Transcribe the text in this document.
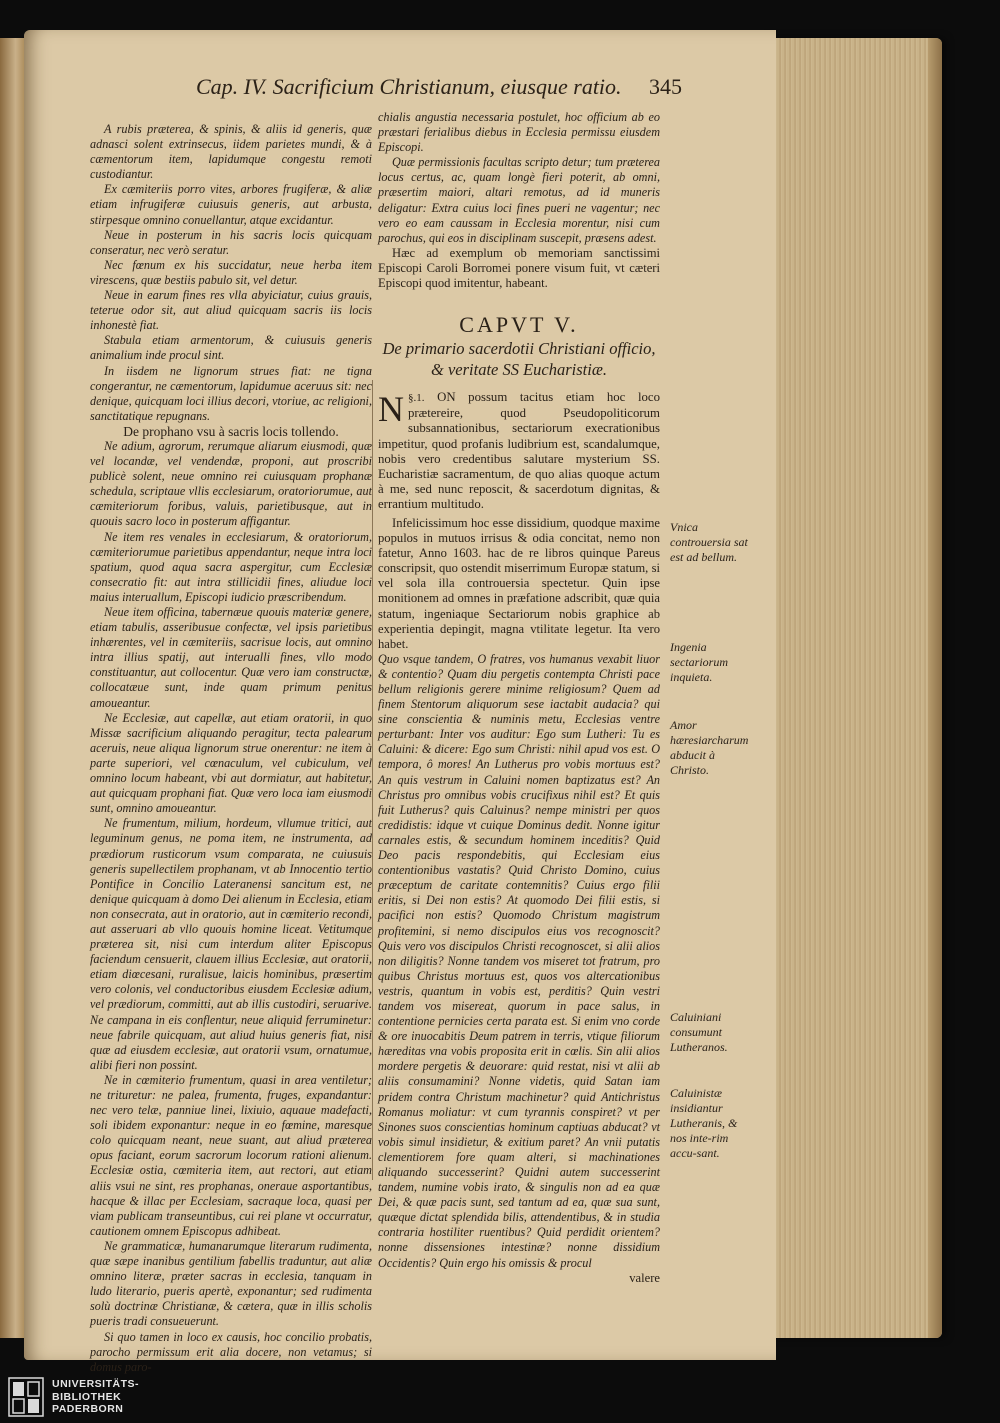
Cap. IV. Sacrificium Christianum, eiusque ratio. 345

A rubis præterea, & spinis, & aliis id generis, quæ adnasci solent extrinsecus, iidem parietes mundi, & à cæmentorum item, lapidumque congestu remoti custodiantur.

Ex cæmiteriis porro vites, arbores frugiferæ, & aliæ etiam infrugiferæ cuiusuis generis, aut arbusta, stirpesque omnino conuellantur, atque excidantur.

Neue in posterum in his sacris locis quicquam conseratur, nec verò seratur.

Nec fœnum ex his succidatur, neue herba item virescens, quæ bestiis pabulo sit, vel detur.

Neue in earum fines res vlla abyiciatur, cuius grauis, teterue odor sit, aut aliud quicquam sacris iis locis inhonestè fiat.

Stabula etiam armentorum, & cuiusuis generis animalium inde procul sint.

In iisdem ne lignorum strues fiat: ne tigna congerantur, ne cæmentorum, lapidumue aceruus sit: nec denique, quicquam loci illius decori, vtoriue, ac religioni, sanctitatique repugnans.

De prophano vsu à sacris locis tollendo.

Ne adium, agrorum, rerumque aliarum eiusmodi, quæ vel locandæ, vel vendendæ, proponi, aut proscribi publicè solent, neue omnino rei cuiusquam prophanæ schedula, scriptaue vllis ecclesiarum, oratoriorumue, aut cæmiteriorum foribus, valuis, parietibusque, aut in quouis sacro loco in posterum affigantur.

Ne item res venales in ecclesiarum, & oratoriorum, cæmiteriorumue parietibus appendantur, neque intra loci spatium, quod aqua sacra aspergitur, cum Ecclesiæ consecratio fit: aut intra stillicidii fines, aliudue loci maius interuallum, Episcopi iudicio præscribendum.

Neue item officina, tabernæue quouis materiæ genere, etiam tabulis, asseribusue confectæ, vel ipsis parietibus inhærentes, vel in cæmiteriis, sacrisue locis, aut omnino intra illius spatij, aut interualli fines, vllo modo constituantur, aut collocentur. Quæ vero iam constructæ, collocatæue sunt, inde quam primum penitus amoueantur.

Ne Ecclesiæ, aut capellæ, aut etiam oratorii, in quo Missæ sacrificium aliquando peragitur, tecta palearum aceruis, neue aliqua lignorum strue onerentur: ne item à parte superiori, vel cœnaculum, vel cubiculum, vel omnino locum habeant, vbi aut dormiatur, aut habitetur, aut quicquam prophani fiat. Quæ vero loca iam eiusmodi sunt, omnino amoueantur.

Ne frumentum, milium, hordeum, vllumue tritici, aut leguminum genus, ne poma item, ne instrumenta, ad prædiorum rusticorum vsum comparata, ne cuiusuis generis supellectilem prophanam, vt ab Innocentio tertio Pontifice in Concilio Lateranensi sancitum est, ne denique quicquam à domo Dei alienum in Ecclesia, etiam non consecrata, aut in oratorio, aut in cœmiterio recondi, aut asseruari ab vllo quouis homine liceat. Vetitumque præterea sit, nisi cum interdum aliter Episcopus faciendum censuerit, clauem illius Ecclesiæ, aut oratorii, etiam diœcesani, ruralisue, laicis hominibus, præsertim vero colonis, vel conductoribus eiusdem Ecclesiæ adium, vel prædiorum, committi, aut ab illis custodiri, seruarive. Ne campana in eis conflentur, neue aliquid ferruminetur: neue fabrile quicquam, aut aliud huius generis fiat, nisi quæ ad eiusdem ecclesiæ, aut oratorii vsum, ornatumue, alibi fieri non possint.

Ne in cœmiterio frumentum, quasi in area ventiletur; ne trituretur: ne palea, frumenta, fruges, expandantur: nec vero telæ, panniue linei, lixiuio, aquaue madefacti, soli ibidem exponantur: neque in eo fœmine, maresque colo quicquam neant, neue suant, aut aliud præterea opus faciant, eorum sacrorum locorum rationi alienum. Ecclesiæ ostia, cœmiteria item, aut rectori, aut etiam aliis vsui ne sint, res prophanas, oneraue asportantibus, hacque & illac per Ecclesiam, sacraque loca, quasi per viam publicam transeuntibus, cui rei plane vt occurratur, cautionem omnem Episcopus adhibeat.

Ne grammaticæ, humanarumque literarum rudimenta, quæ sæpe inanibus gentilium fabellis traduntur, aut aliæ omnino literæ, præter sacras in ecclesia, tanquam in ludo literario, pueris apertè, exponantur; sed rudimenta solù doctrinæ Christianæ, & cætera, quæ in illis scholis pueris tradi consueuerunt.

Si quo tamen in loco ex causis, hoc concilio probatis, parocho permissum erit alia docere, non vetamus; si domus paro-

chialis angustia necessaria postulet, hoc officium ab eo præstari ferialibus diebus in Ecclesia permissu eiusdem Episcopi.

Quæ permissionis facultas scripto detur; tum præterea locus certus, ac, quam longè fieri poterit, ab omni, præsertim maiori, altari remotus, ad id muneris deligatur: Extra cuius loci fines pueri ne vagentur; nec vero eo eam caussam in Ecclesia morentur, nisi cum parochus, qui eos in disciplinam suscepit, præsens adest.

Hæc ad exemplum ob memoriam sanctissimi Episcopi Caroli Borromei ponere visum fuit, vt cæteri Episcopi quod imitentur, habeant.

CAPVT V.
De primario sacerdotii Christiani officio, & veritate SS Eucharistiæ.
§.1.
N	ON possum tacitus etiam hoc loco prætereire, quod Pseudopoliticorum subsannationibus, sectariorum execrationibus impetitur, quod profanis ludibrium est, scandalumque, nobis vero credentibus salutare mysterium SS. Eucharistiæ sacramentum, de quo alias quoque actum à me, sed nunc reposcit, & sacerdotum dignitas, & errantium multitudo.

Infelicissimum hoc esse dissidium, quodque maxime populos in mutuos irrisus & odia concitat, nemo non fatetur, Anno 1603. hac de re libros quinque Pareus conscripsit, quo ostendit miserrimum Europæ statum, si vel sola illa controuersia spectetur. Quin ipse monitionem ad omnes in præfatione adscribit, quæ quia statum, ingeniaque Sectariorum nobis graphice ab experientia depingit, magna vtilitate legetur. Ita vero habet.

Quo vsque tandem, O fratres, vos humanus vexabit liuor & contentio? Quam diu pergetis contempta Christi pace bellum religionis gerere minime religiosum? Quem ad finem Stentorum aliquorum sese iactabit audacia? qui sine conscientia & numinis metu, Ecclesias ventre perturbant: Inter vos auditur: Ego sum Lutheri: Tu es Caluini: & dicere: Ego sum Christi: nihil apud vos est. O tempora, ô mores! An Lutherus pro vobis mortuus est? An quis vestrum in Caluini nomen baptizatus est? An Christus pro omnibus vobis crucifixus nihil est? Et quis fuit Lutherus? quis Caluinus? nempe ministri per quos credidistis: idque vt cuique Dominus dedit. Nonne igitur carnales estis, & secundum hominem inceditis? Quid Deo pacis respondebitis, qui Ecclesiam eius contentionibus vastatis? Quid Christo Domino, cuius præceptum de caritate contemnitis? Cuius ergo filii eritis, si Dei non estis? At quomodo Dei filii estis, si pacifici non estis? Quomodo Christum magistrum profitemini, si nemo discipulos eius vos recognoscit? Quis vero vos discipulos Christi recognoscet, si alii alios non diligitis? Nonne tandem vos miseret tot fratrum, pro quibus Christus mortuus est, quos vos altercationibus vestris, quantum in vobis est, perditis? Quin vestri tandem vos misereat, quorum in pace salus, in contentione pernicies certa parata est. Si enim vno corde & ore inuocabitis Deum patrem in terris, vtique filiorum hæreditas vna vobis proposita erit in cœlis. Sin alii alios mordere pergetis & deuorare: quid restat, nisi vt alii ab aliis consumamini? Nonne videtis, quid Satan iam pridem contra Christum machinetur? quid Antichristus Romanus moliatur: vt cum tyrannis conspiret? vt per Sinones suos conscientias hominum captiuas abducat? vt vobis simul insidietur, & exitium paret? An vnii putatis clementiorem fore quam alteri, si machinationes aliquando successerint? Quidni autem successerint tandem, numine vobis irato, & singulis non ad ea quæ Dei, & quæ pacis sunt, sed tantum ad ea, quæ sua sunt, quæque dictat splendida bilis, attendentibus, & in studia contraria hostiliter ruentibus? Quid perdidit orientem? nonne dissensiones intestinæ? nonne dissidium Occidentis? Quin ergo his omissis & procul

valere

Vnica controuersia sat est ad bellum.
Ingenia sectariorum inquieta.
Amor hæresiarcharum abducit à Christo.
Caluiniani consumunt Lutheranos.
Caluinistæ insidiantur Lutheranis, & nos inte-rim accu-sant.
UNIVERSITÄTS-
BIBLIOTHEK
PADERBORN
